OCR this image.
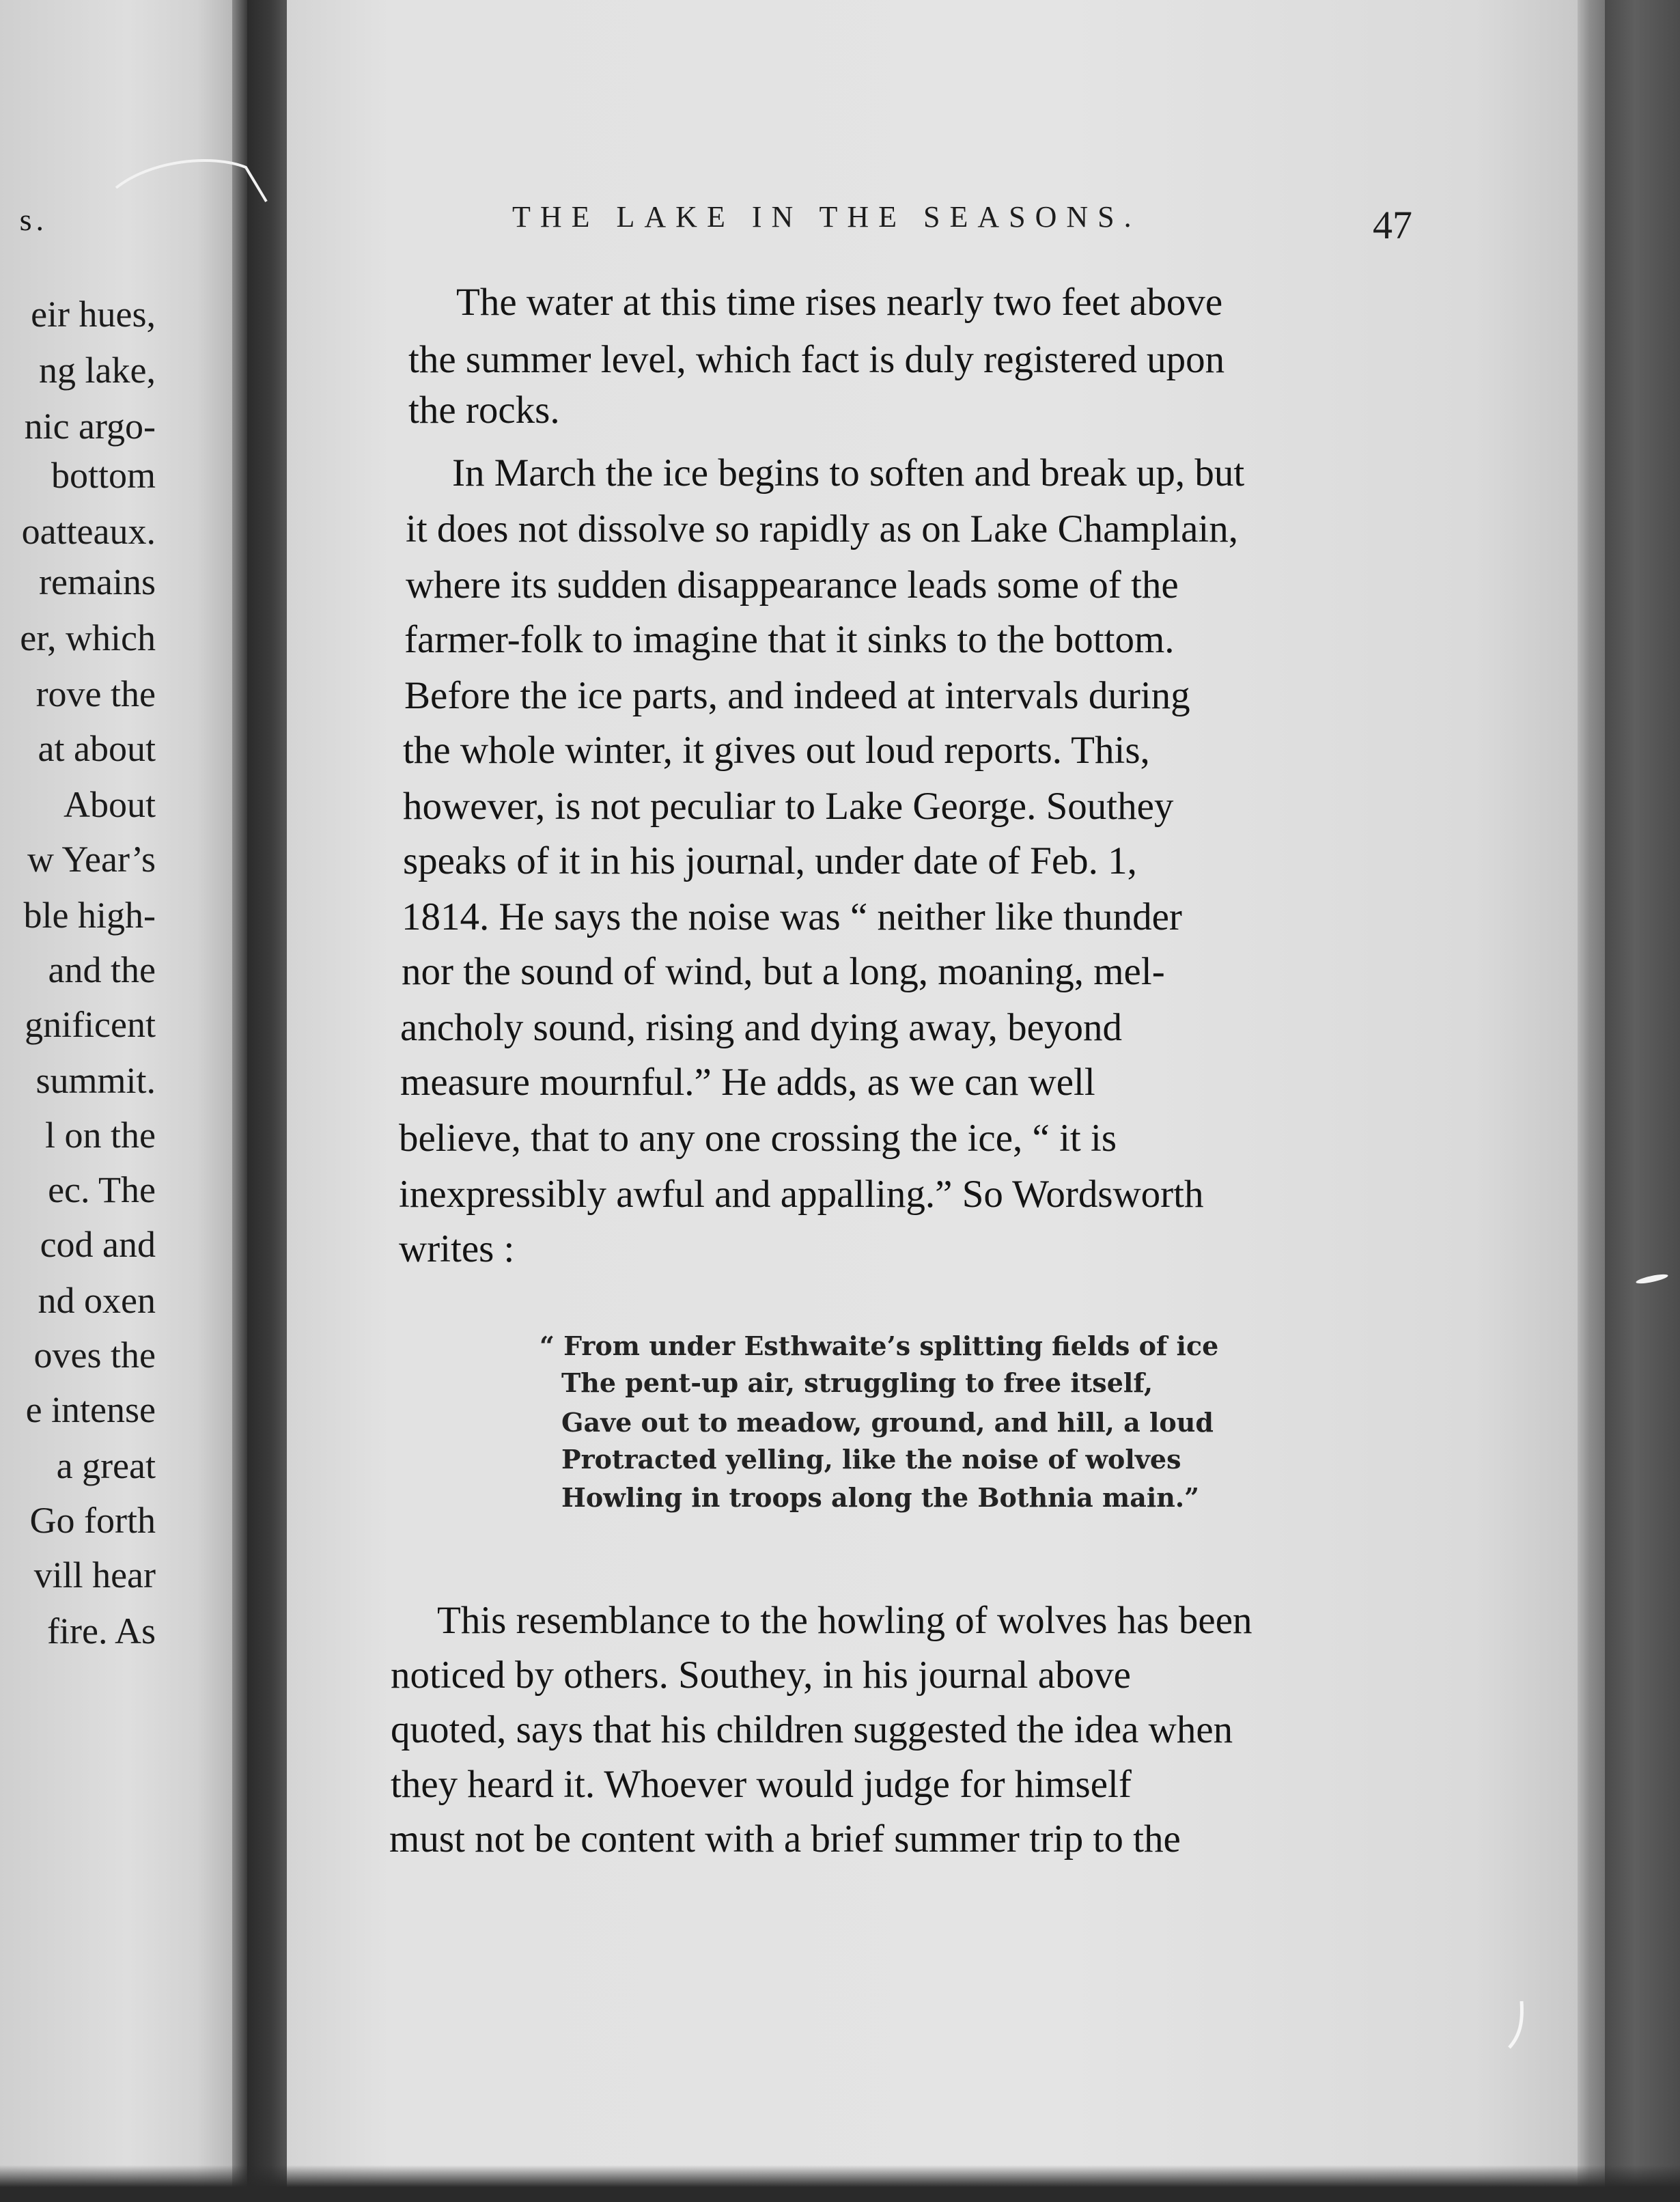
s.
eir hues,
ng lake,
nic argo-
bottom
oatteaux.
remains
er, which
rove the
at about
About
w Year’s
ble high-
and the
gnificent
summit.
l on the
ec. The
cod and
nd oxen
oves the
e intense
a great
Go forth
vill hear
fire. As
THE LAKE IN THE SEASONS.	47
The water at this time rises nearly two feet above
the summer level, which fact is duly registered upon
the rocks.
In March the ice begins to soften and break up, but
it does not dissolve so rapidly as on Lake Champlain,
where its sudden disappearance leads some of the
farmer-folk to imagine that it sinks to the bottom.
Before the ice parts, and indeed at intervals during
the whole winter, it gives out loud reports. This,
however, is not peculiar to Lake George. Southey
speaks of it in his journal, under date of Feb. 1,
1814. He says the noise was “ neither like thunder
nor the sound of wind, but a long, moaning, mel-
ancholy sound, rising and dying away, beyond
measure mournful.” He adds, as we can well
believe, that to any one crossing the ice, “ it is
inexpressibly awful and appalling.” So Wordsworth
writes :
“ From under Esthwaite’s splitting fields of ice
The pent-up air, struggling to free itself,
Gave out to meadow, ground, and hill, a loud
Protracted yelling, like the noise of wolves
Howling in troops along the Bothnia main.”
This resemblance to the howling of wolves has been
noticed by others. Southey, in his journal above
quoted, says that his children suggested the idea when
they heard it. Whoever would judge for himself
must not be content with a brief summer trip to the
